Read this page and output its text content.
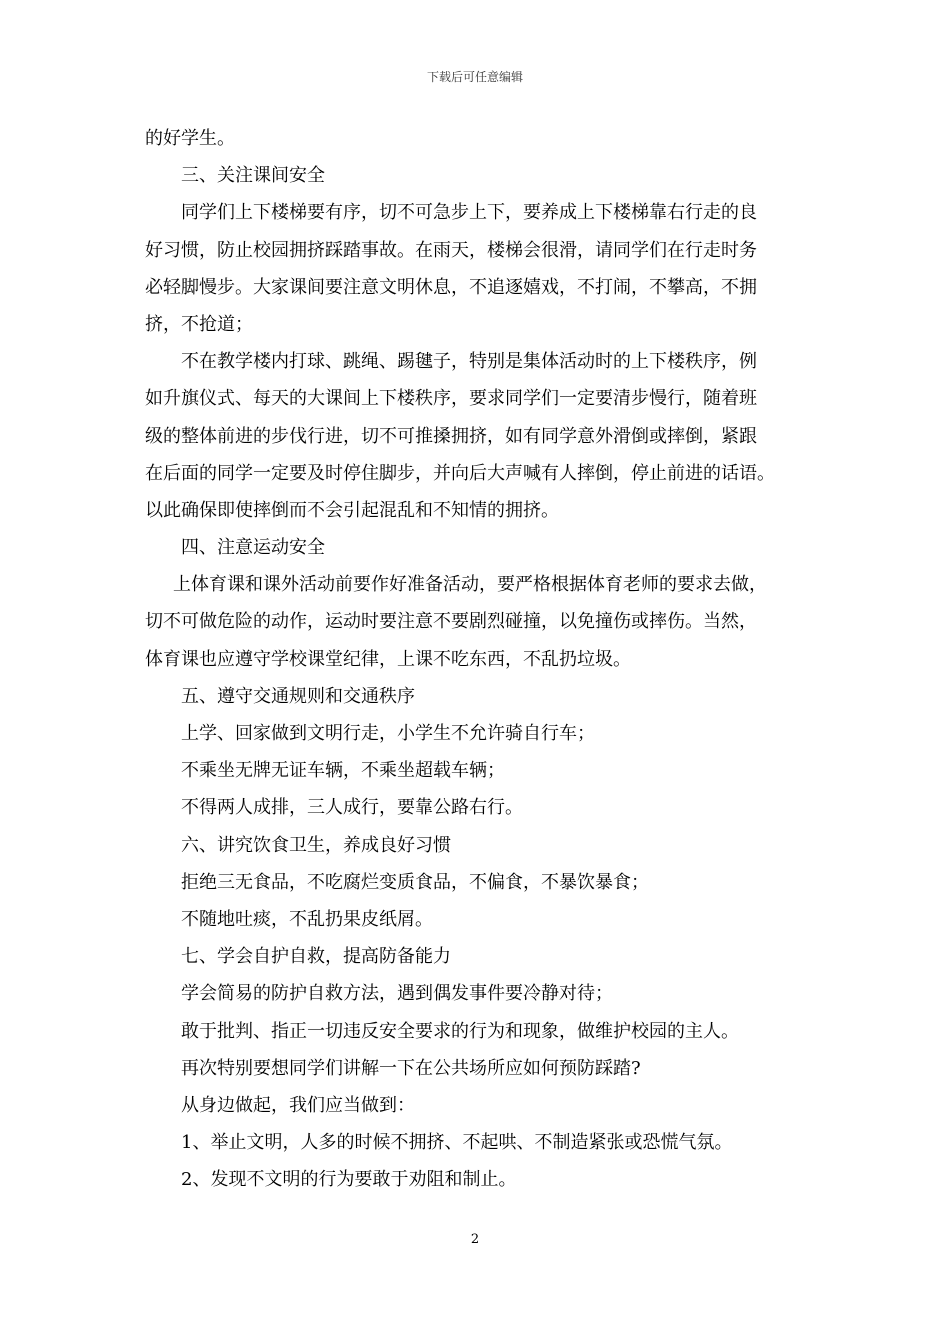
下载后可任意编辑
的好学生。
三、关注课间安全
同学们上下楼梯要有序，切不可急步上下，要养成上下楼梯靠右行走的良
好习惯，防止校园拥挤踩踏事故。在雨天，楼梯会很滑，请同学们在行走时务
必轻脚慢步。大家课间要注意文明休息，不追逐嬉戏，不打闹，不攀高，不拥
挤，不抢道；
不在教学楼内打球、跳绳、踢毽子，特别是集体活动时的上下楼秩序，例
如升旗仪式、每天的大课间上下楼秩序，要求同学们一定要清步慢行，随着班
级的整体前进的步伐行进，切不可推搡拥挤，如有同学意外滑倒或摔倒，紧跟
在后面的同学一定要及时停住脚步，并向后大声喊有人摔倒，停止前进的话语。
以此确保即使摔倒而不会引起混乱和不知情的拥挤。
四、注意运动安全
上体育课和课外活动前要作好准备活动，要严格根据体育老师的要求去做，
切不可做危险的动作，运动时要注意不要剧烈碰撞，以免撞伤或摔伤。当然，
体育课也应遵守学校课堂纪律，上课不吃东西，不乱扔垃圾。
五、遵守交通规则和交通秩序
上学、回家做到文明行走，小学生不允许骑自行车；
不乘坐无牌无证车辆，不乘坐超载车辆；
不得两人成排，三人成行，要靠公路右行。
六、讲究饮食卫生，养成良好习惯
拒绝三无食品，不吃腐烂变质食品，不偏食，不暴饮暴食；
不随地吐痰，不乱扔果皮纸屑。
七、学会自护自救，提高防备能力
学会简易的防护自救方法，遇到偶发事件要冷静对待；
敢于批判、指正一切违反安全要求的行为和现象，做维护校园的主人。
再次特别要想同学们讲解一下在公共场所应如何预防踩踏?
从身边做起，我们应当做到：
1、举止文明，人多的时候不拥挤、不起哄、不制造紧张或恐慌气氛。
2、发现不文明的行为要敢于劝阻和制止。
2
